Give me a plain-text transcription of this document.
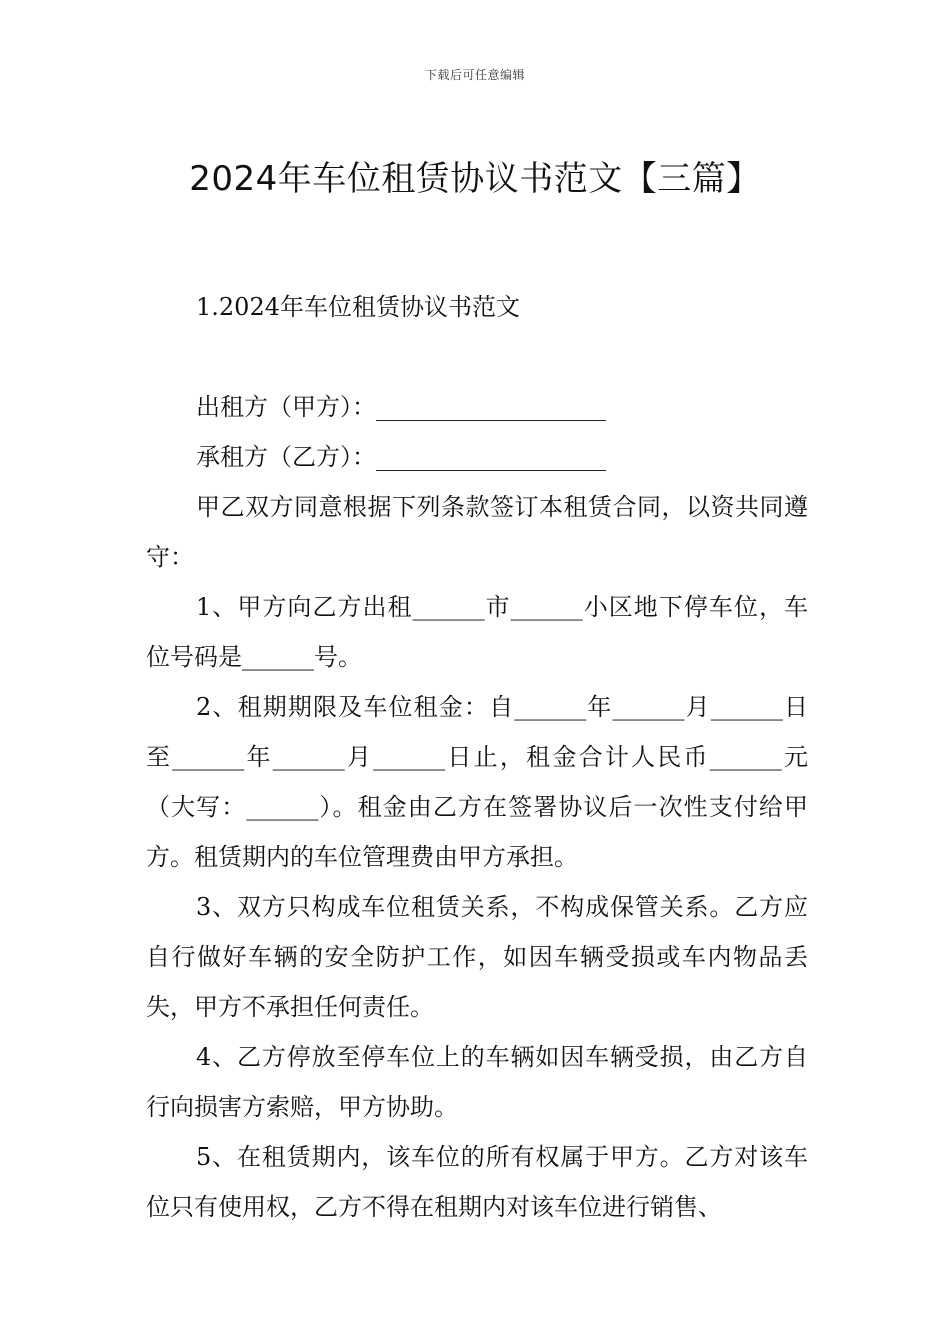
下载后可任意编辑
2024年车位租赁协议书范文【三篇】

1.2024年车位租赁协议书范文

出租方（甲方）：

承租方（乙方）：

甲乙双方同意根据下列条款签订本租赁合同，以资共同遵守：

1、甲方向乙方出租______市______小区地下停车位，车位号码是______号。

2、租期期限及车位租金：自______年______月______日至______年______月______日止，租金合计人民币______元（大写：______）。租金由乙方在签署协议后一次性支付给甲方。租赁期内的车位管理费由甲方承担。

3、双方只构成车位租赁关系，不构成保管关系。乙方应自行做好车辆的安全防护工作，如因车辆受损或车内物品丢失，甲方不承担任何责任。

4、乙方停放至停车位上的车辆如因车辆受损，由乙方自行向损害方索赔，甲方协助。

5、在租赁期内，该车位的所有权属于甲方。乙方对该车位只有使用权，乙方不得在租期内对该车位进行销售、
